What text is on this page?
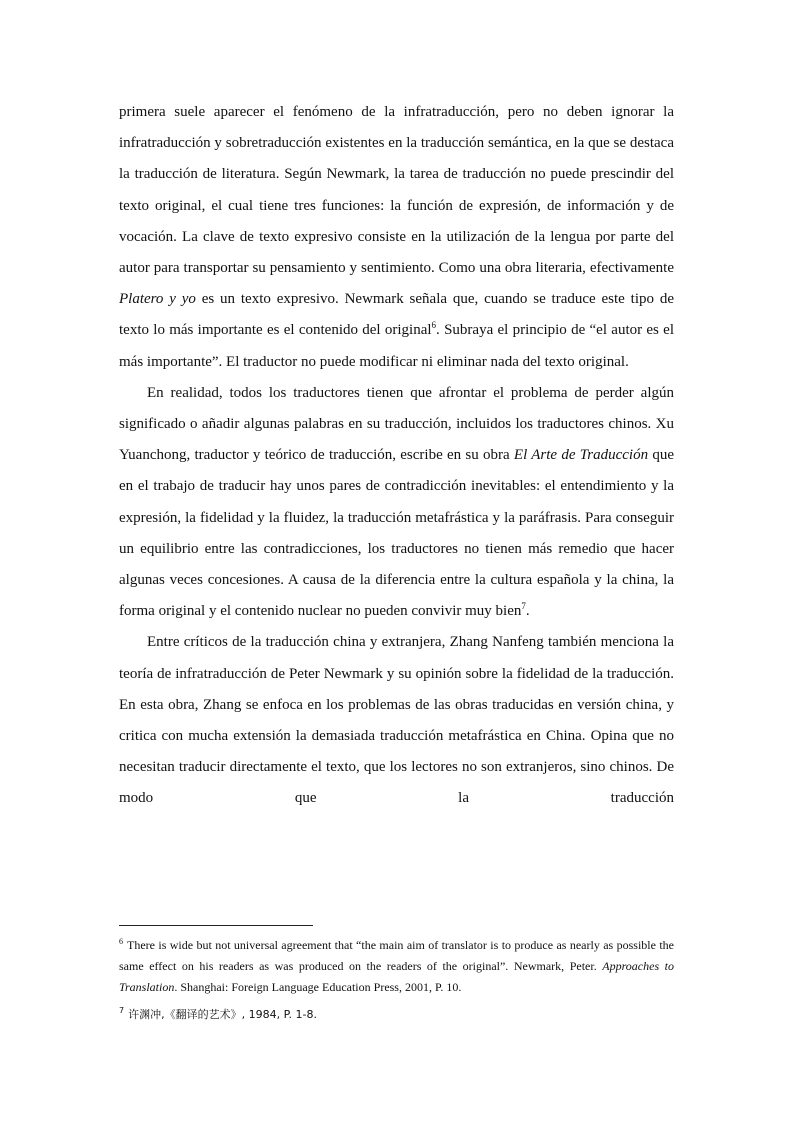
primera suele aparecer el fenómeno de la infratraducción, pero no deben ignorar la infratraducción y sobretraducción existentes en la traducción semántica, en la que se destaca la traducción de literatura. Según Newmark, la tarea de traducción no puede prescindir del texto original, el cual tiene tres funciones: la función de expresión, de información y de vocación. La clave de texto expresivo consiste en la utilización de la lengua por parte del autor para transportar su pensamiento y sentimiento. Como una obra literaria, efectivamente Platero y yo es un texto expresivo. Newmark señala que, cuando se traduce este tipo de texto lo más importante es el contenido del original$^6$. Subraya el principio de “el autor es el más importante”. El traductor no puede modificar ni eliminar nada del texto original.

En realidad, todos los traductores tienen que afrontar el problema de perder algún significado o añadir algunas palabras en su traducción, incluidos los traductores chinos. Xu Yuanchong, traductor y teórico de traducción, escribe en su obra El Arte de Traducción que en el trabajo de traducir hay unos pares de contradicción inevitables: el entendimiento y la expresión, la fidelidad y la fluidez, la traducción metafrástica y la paráfrasis. Para conseguir un equilibrio entre las contradicciones, los traductores no tienen más remedio que hacer algunas veces concesiones. A causa de la diferencia entre la cultura española y la china, la forma original y el contenido nuclear no pueden convivir muy bien$^7$.

Entre críticos de la traducción china y extranjera, Zhang Nanfeng también menciona la teoría de infratraducción de Peter Newmark y su opinión sobre la fidelidad de la traducción. En esta obra, Zhang se enfoca en los problemas de las obras traducidas en versión china, y critica con mucha extensión la demasiada traducción metafrástica en China. Opina que no necesitan traducir directamente el texto, que los lectores no son extranjeros, sino chinos. De modo que la traducción

$^6$ There is wide but not universal agreement that “the main aim of translator is to produce as nearly as possible the same effect on his readers as was produced on the readers of the original”. Newmark, Peter. Approaches to Translation. Shanghai: Foreign Language Education Press, 2001, P. 10.

$^7$ 许渊冲,《翻译的艺术》, 1984, P. 1-8.
